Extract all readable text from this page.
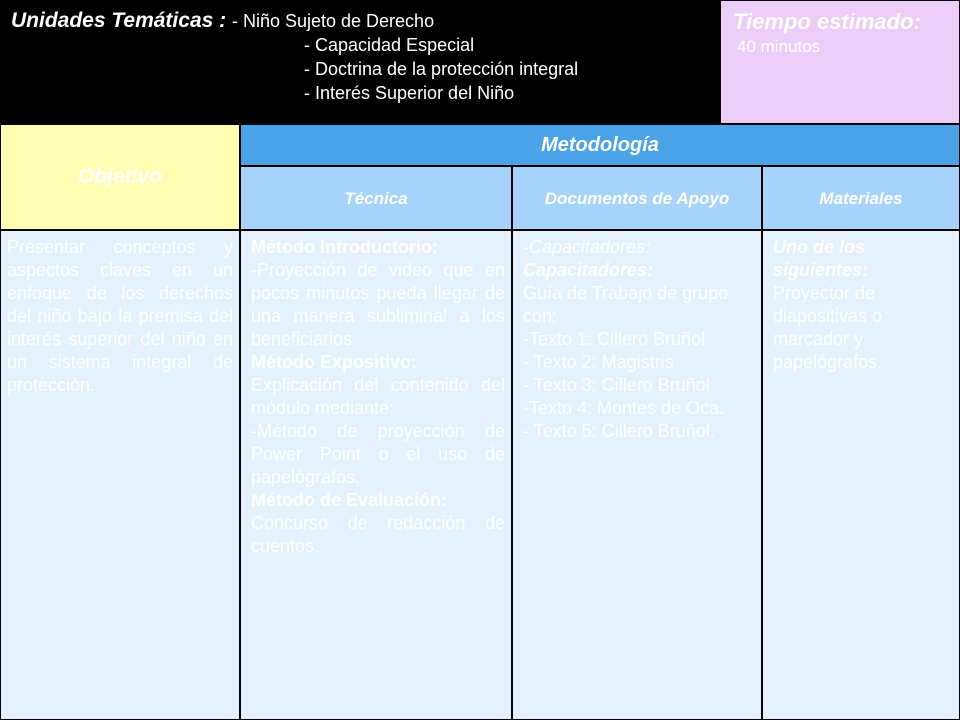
Unidades Temáticas : - Niño Sujeto de Derecho
- Capacidad Especial
- Doctrina de la protección integral
- Interés Superior del Niño
Tiempo estimado:
40 minutos
Objetivo
Metodología
Técnica	Documentos de Apoyo	Materiales
Presentar conceptos y aspectos claves en un enfoque de los derechos del niño bajo la premisa del interés superior del niño en un sistema integral de protección.

Método Introductorio:

-Proyección de video que en pocos minutos pueda llegar de una manera subliminal a los beneficiarios.

Método Expositivo:

Explicación del contenido del módulo mediante:

-Método de proyección de Power Point o el uso de papelógrafos.

Método de Evaluación:

Concurso de redacción de cuentos.

-Capacitadores:

Capacitadores:

Guía de Trabajo de grupo con:

-Texto 1: Cillero Bruñol

- Texto 2: Magistris

- Texto 3: Cillero Bruñol

-Texto 4: Montes de Oca.

- Texto 5: Cillero Bruñol.

Uno de los siguientes:

Proyector de diapositivas o marcador y papelógrafos.
